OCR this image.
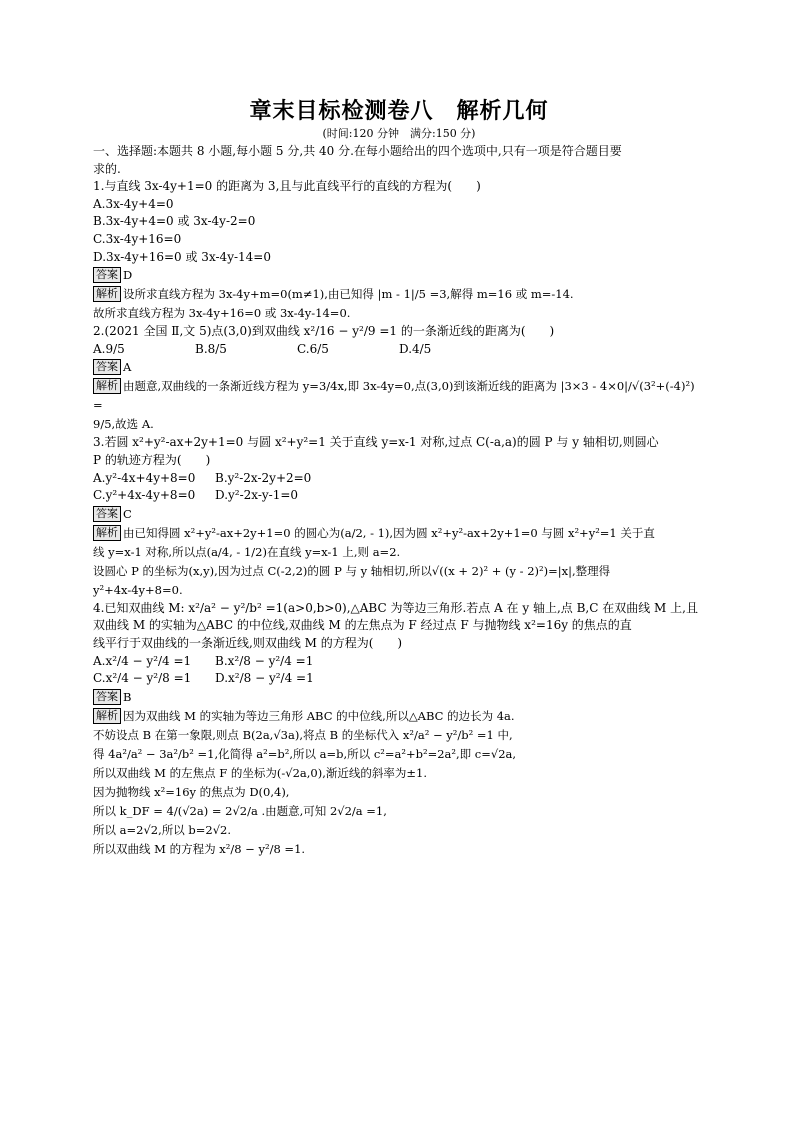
章末目标检测卷八　解析几何
(时间:120 分钟　满分:150 分)
一、选择题:本题共 8 小题,每小题 5 分,共 40 分.在每小题给出的四个选项中,只有一项是符合题目要
求的.
1.与直线 3x-4y+1=0 的距离为 3,且与此直线平行的直线的方程为(　　)
A.3x-4y+4=0
B.3x-4y+4=0 或 3x-4y-2=0
C.3x-4y+16=0
D.3x-4y+16=0 或 3x-4y-14=0
答案 D
解析 设所求直线方程为 3x-4y+m=0(m≠1),由已知得 |m - 1|/5 =3,解得 m=16 或 m=-14.
故所求直线方程为 3x-4y+16=0 或 3x-4y-14=0.
2.(2021 全国 Ⅱ,文 5)点(3,0)到双曲线 x²/16 − y²/9 =1 的一条渐近线的距离为(　　)
A.9/5	B.8/5	C.6/5	D.4/5
答案 A
解析 由题意,双曲线的一条渐近线方程为 y=3/4x,即 3x-4y=0,点(3,0)到该渐近线的距离为 |3×3 - 4×0|/√(3²+(-4)²) =
9/5,故选 A.
3.若圆 x²+y²-ax+2y+1=0 与圆 x²+y²=1 关于直线 y=x-1 对称,过点 C(-a,a)的圆 P 与 y 轴相切,则圆心
P 的轨迹方程为(　　)
A.y²-4x+4y+8=0 B.y²-2x-2y+2=0
C.y²+4x-4y+8=0 D.y²-2x-y-1=0
答案 C
解析 由已知得圆 x²+y²-ax+2y+1=0 的圆心为(a/2, - 1),因为圆 x²+y²-ax+2y+1=0 与圆 x²+y²=1 关于直
线 y=x-1 对称,所以点(a/4, - 1/2)在直线 y=x-1 上,则 a=2.
设圆心 P 的坐标为(x,y),因为过点 C(-2,2)的圆 P 与 y 轴相切,所以√((x + 2)² + (y - 2)²)=|x|,整理得
y²+4x-4y+8=0.
4.已知双曲线 M: x²/a² − y²/b² =1(a>0,b>0),△ABC 为等边三角形.若点 A 在 y 轴上,点 B,C 在双曲线 M 上,且
双曲线 M 的实轴为△ABC 的中位线,双曲线 M 的左焦点为 F 经过点 F 与抛物线 x²=16y 的焦点的直
线平行于双曲线的一条渐近线,则双曲线 M 的方程为(　　)
A.x²/4 − y²/4 =1 B.x²/8 − y²/4 =1
C.x²/4 − y²/8 =1 D.x²/8 − y²/4 =1
答案 B
解析 因为双曲线 M 的实轴为等边三角形 ABC 的中位线,所以△ABC 的边长为 4a.
不妨设点 B 在第一象限,则点 B(2a,√3a),将点 B 的坐标代入 x²/a² − y²/b² =1 中,
得 4a²/a² − 3a²/b² =1,化简得 a²=b²,所以 a=b,所以 c²=a²+b²=2a²,即 c=√2a,
所以双曲线 M 的左焦点 F 的坐标为(-√2a,0),渐近线的斜率为±1.
因为抛物线 x²=16y 的焦点为 D(0,4),
所以 k_DF = 4/(√2a) = 2√2/a .由题意,可知 2√2/a =1,
所以 a=2√2,所以 b=2√2.
所以双曲线 M 的方程为 x²/8 − y²/8 =1.
